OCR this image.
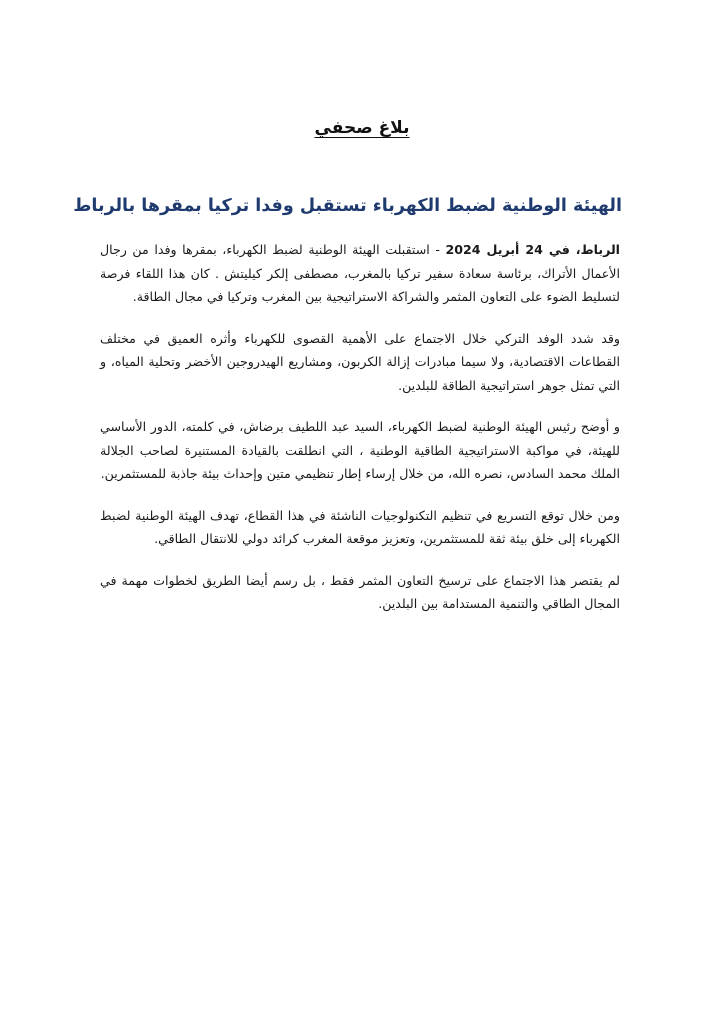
بلاغ صحفي
الهيئة الوطنية لضبط الكهرباء تستقبل وفدا تركيا بمقرها بالرباط

الرباط، في 24 أبريل 2024 - استقبلت الهيئة الوطنية لضبط الكهرباء، بمقرها وفدا من رجال الأعمال الأتراك، برئاسة سعادة سفير تركيا بالمغرب، مصطفى إلكر كيليتش . كان هذا اللقاء فرصة لتسليط الضوء على التعاون المثمر والشراكة الاستراتيجية بين المغرب وتركيا في مجال الطاقة.

وقد شدد الوفد التركي خلال الاجتماع على الأهمية القصوى للكهرباء وأثره العميق في مختلف القطاعات الاقتصادية، ولا سيما مبادرات إزالة الكربون، ومشاريع الهيدروجين الأخضر وتحلية المياه، و التي تمثل جوهر استراتيجية الطاقة للبلدين.

و أوضح رئيس الهيئة الوطنية لضبط الكهرباء، السيد عبد اللطيف برضاش، في كلمته، الدور الأساسي للهيئة، في مواكبة الاستراتيجية الطاقية الوطنية ، التي انطلقت بالقيادة المستنيرة لصاحب الجلالة الملك محمد السادس، نصره الله، من خلال إرساء إطار تنظيمي متين وإحداث بيئة جاذبة للمستثمرين.

ومن خلال توقع التسريع في تنظيم التكنولوجيات الناشئة في هذا القطاع، تهدف الهيئة الوطنية لضبط الكهرباء إلى خلق بيئة ثقة للمستثمرين، وتعزيز موقعة المغرب كرائد دولي للانتقال الطاقي.

لم يقتصر هذا الاجتماع على ترسيخ التعاون المثمر فقط ، بل رسم أيضا الطريق لخطوات مهمة في المجال الطاقي والتنمية المستدامة بين البلدين.
